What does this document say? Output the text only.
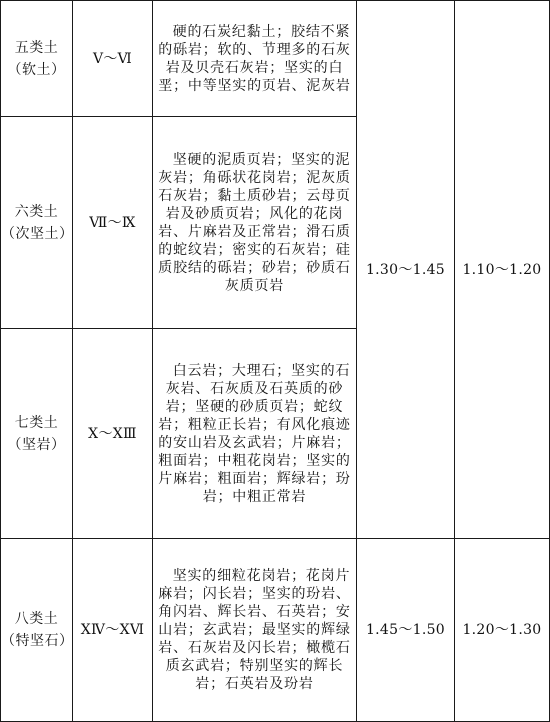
五类土
（软土）	Ⅴ～Ⅵ	硬的石炭纪黏土；胶结不紧的砾岩；软的、节理多的石灰岩及贝壳石灰岩；坚实的白垩；中等坚实的页岩、泥灰岩	1.30～1.45	1.10～1.20

六类土
（次坚土）	Ⅶ～Ⅸ	坚硬的泥质页岩；坚实的泥灰岩；角砾状花岗岩；泥灰质石灰岩；黏土质砂岩；云母页岩及砂质页岩；风化的花岗岩、片麻岩及正常岩；滑石质的蛇纹岩；密实的石灰岩；硅质胶结的砾岩；砂岩；砂质石灰质页岩		

七类土
（坚岩）	Ⅹ～ⅩⅢ	白云岩；大理石；坚实的石灰岩、石灰质及石英质的砂岩；坚硬的砂质页岩；蛇纹岩；粗粒正长岩；有风化痕迹的安山岩及玄武岩；片麻岩；粗面岩；中粗花岗岩；坚实的片麻岩；粗面岩；辉绿岩；玢岩；中粗正常岩		

八类土
（特坚石）	ⅩⅣ～ⅩⅥ	坚实的细粒花岗岩；花岗片麻岩；闪长岩；坚实的玢岩、角闪岩、辉长岩、石英岩；安山岩；玄武岩；最坚实的辉绿岩、石灰岩及闪长岩；橄榄石质玄武岩；特别坚实的辉长岩；石英岩及玢岩	1.45～1.50	1.20～1.30
